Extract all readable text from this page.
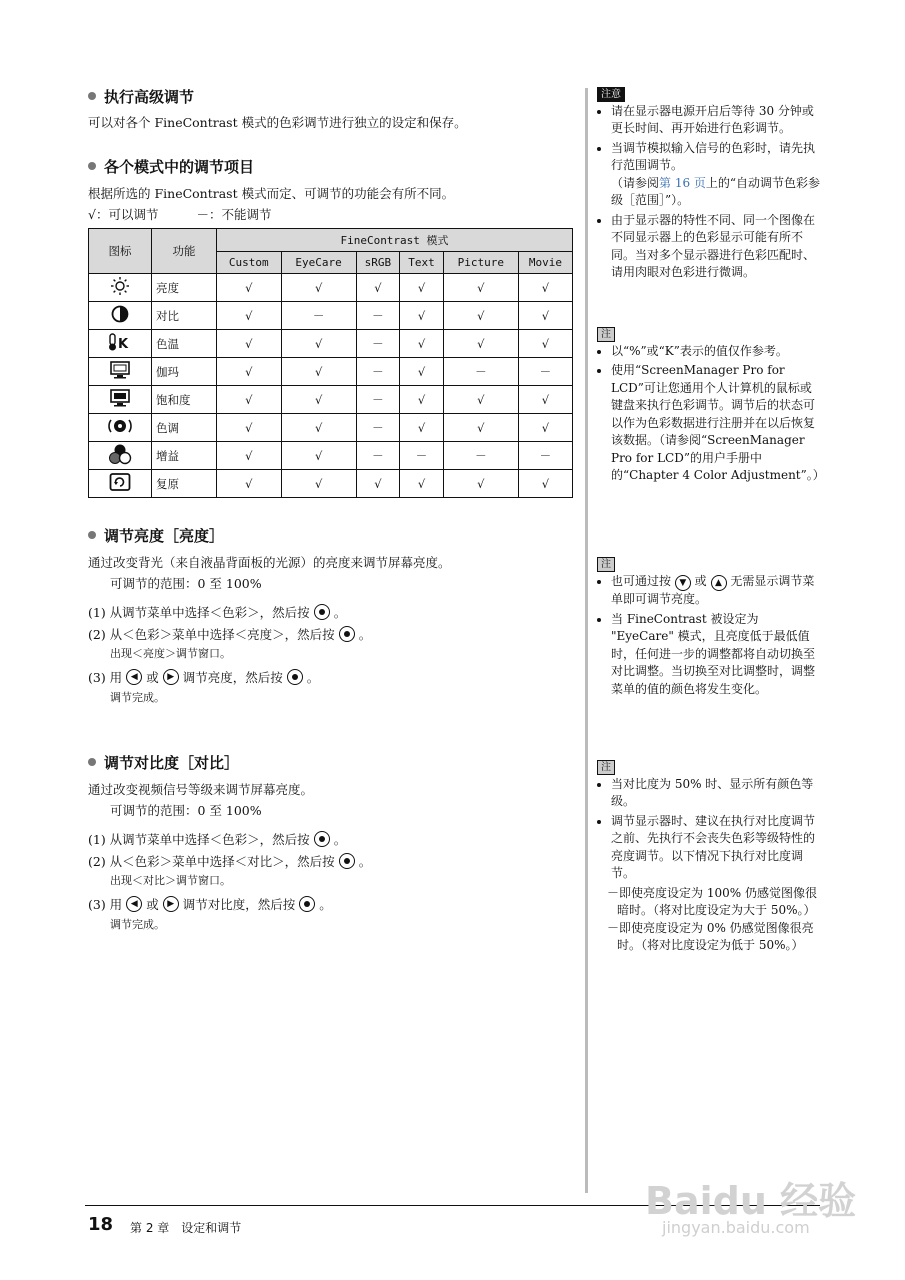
执行高级调节
可以对各个 FineContrast 模式的色彩调节进行独立的设定和保存。
各个模式中的调节项目
根据所选的 FineContrast 模式而定、可调节的功能会有所不同。
√：可以调节	－：不能调节
图标	功能	FineContrast 模式					
		Custom	EyeCare	sRGB	Text	Picture	Movie
	亮度	√	√	√	√	√	√
	对比	√	－	－	√	√	√

K	色温	√	√	－	√	√	√
	伽玛	√	√	－	√	－	－
	饱和度	√	√	－	√	√	√
	色调	√	√	－	√	√	√
	增益	√	√	－	－	－	－
	复原	√	√	√	√	√	√
调节亮度［亮度］
通过改变背光（来自液晶背面板的光源）的亮度来调节屏幕亮度。
可调节的范围：0 至 100%
(1) 从调节菜单中选择＜色彩＞，然后按 。
(2) 从＜色彩＞菜单中选择＜亮度＞，然后按 。
出现＜亮度＞调节窗口。
(3) 用 ◀ 或 ▶ 调节亮度，然后按 。
调节完成。
调节对比度［对比］
通过改变视频信号等级来调节屏幕亮度。
可调节的范围：0 至 100%
(1) 从调节菜单中选择＜色彩＞，然后按 。
(2) 从＜色彩＞菜单中选择＜对比＞，然后按 。
出现＜对比＞调节窗口。
(3) 用 ◀ 或 ▶ 调节对比度，然后按 。
调节完成。
注意
• 请在显示器电源开启后等待 30 分钟或更长时间、再开始进行色彩调节。
• 当调节模拟输入信号的色彩时，请先执行范围调节。
（请参阅第 16 页上的“自动调节色彩参级［范围］”）。
• 由于显示器的特性不同、同一个图像在不同显示器上的色彩显示可能有所不同。当对多个显示器进行色彩匹配时、请用肉眼对色彩进行微调。
注
• 以“%”或“K”表示的值仅作参考。
• 使用“ScreenManager Pro for LCD”可让您通用个人计算机的鼠标或键盘来执行色彩调节。调节后的状态可以作为色彩数据进行注册并在以后恢复该数据。（请参阅“ScreenManager Pro for LCD”的用户手册中的“Chapter 4 Color Adjustment”。）
注
• 也可通过按 ▼ 或 ▲ 无需显示调节菜单即可调节亮度。
• 当 FineContrast 被设定为 "EyeCare" 模式，且亮度低于最低值时，任何进一步的调整都将自动切换至对比调整。当切换至对比调整时，调整菜单的值的颜色将发生变化。
注
• 当对比度为 50% 时、显示所有颜色等级。
• 调节显示器时、建议在执行对比度调节之前、先执行不会丧失色彩等级特性的亮度调节。以下情况下执行对比度调节。
－即使亮度设定为 100% 仍感觉图像很暗时。（将对比度设定为大于 50%。）
－即使亮度设定为 0% 仍感觉图像很亮时。（将对比度设定为低于 50%。）
18 第 2 章　设定和调节
Baidu 经验
jingyan.baidu.com
